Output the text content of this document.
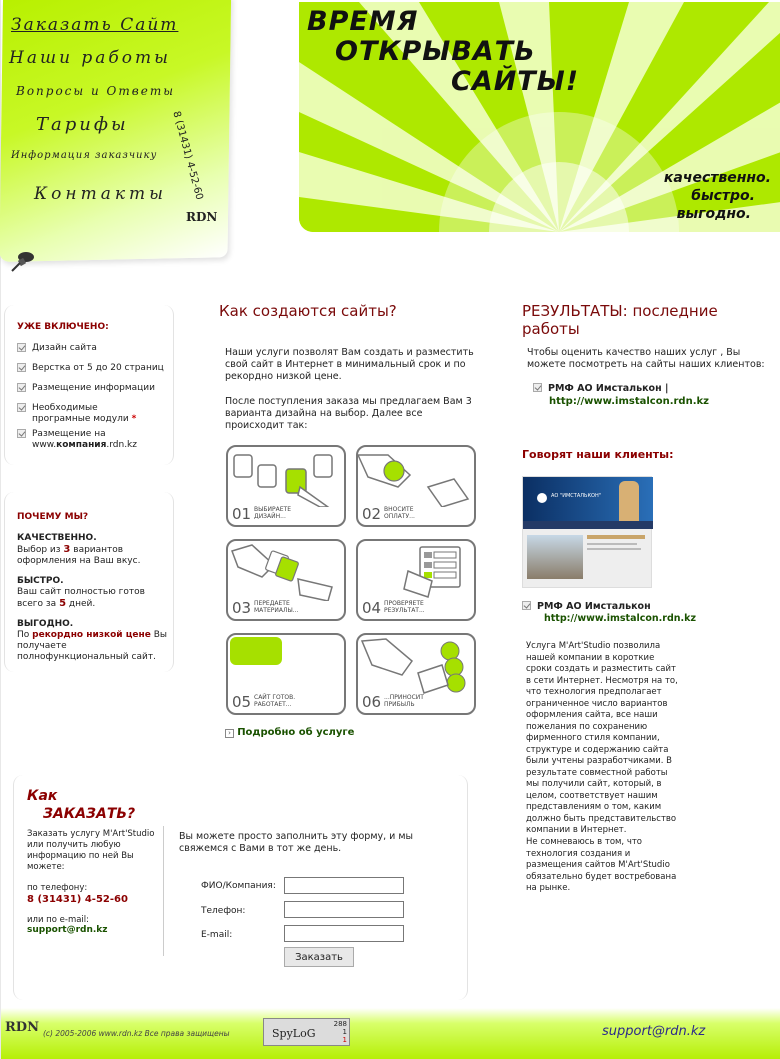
Заказать Сайт
Наши работы
Вопросы и Ответы
Тарифы
Информация заказчику
Контакты 8 (31431) 4-52-60
RDN
ВРЕМЯ
ОТКРЫВАТЬ
САЙТЫ!
качественно.
быстро.
выгодно.
УЖЕ ВКЛЮЧЕНО:
Дизайн сайта
Верстка от 5 до 20 страниц
Размещение информации
Необходимые програмные модули *
Размещение на
www.компания.rdn.kz
ПОЧЕМУ МЫ?
КАЧЕСТВЕННО.
Выбор из 3 вариантов оформления на Ваш вкус.
БЫСТРО.
Ваш сайт полностью готов всего за 5 дней.
ВЫГОДНО.
По рекордно низкой цене Вы получаете полнофункциональный сайт.
Как создаются сайты?

Наши услуги позволят Вам создать и разместить свой сайт в Интернет в минимальный срок и по рекордно низкой цене.

После поступления заказа мы предлагаем Вам 3 варианта дизайна на выбор. Далее все происходит так:

01 ВЫБИРАЕТЕ ДИЗАЙН...	02 ВНОСИТЕ ОПЛАТУ...
03 ПЕРЕДАЕТЕ МАТЕРИАЛЫ...	04 ПРОВЕРЯЕТЕ РЕЗУЛЬТАТ...
05 САЙТ ГОТОВ. РАБОТАЕТ...	06 ...ПРИНОСИТ ПРИБЫЛЬ
› Подробно об услуге
РЕЗУЛЬТАТЫ: последние работы

Чтобы оценить качество наших услуг , Вы можете посмотреть на сайты наших клиентов:

РМФ АО Имсталькон |
http://www.imstalcon.rdn.kz
Говорят наши клиенты:
АО "ИМСТАЛЬКОН"
РМФ АО Имсталькон
http://www.imstalcon.rdn.kz

Услуга M'Art'Studio позволила нашей компании в короткие сроки создать и разместить сайт в сети Интернет. Несмотря на то, что технология предполагает ограниченное число вариантов оформления сайта, все наши пожелания по сохранению фирменного стиля компании, структуре и содержанию сайта были учтены разработчиками. В результате совместной работы мы получили сайт, который, в целом, соответствует нашим представлениям о том, каким должно быть представительство компании в Интернет.

Не сомневаюсь в том, что технология создания и размещения сайтов M'Art'Studio обязательно будет востребована на рынке.

Как
ЗАКАЗАТЬ?

Заказать услугу M'Art'Studio или получить любую информацию по ней Вы можете:

по телефону:
8 (31431) 4-52-60
или по e-mail:
support@rdn.kz

Вы можете просто заполнить эту форму, и мы свяжемся с Вами в тот же день.

ФИО/Компания:
Телефон:
E-mail:
Заказать
RDN (c) 2005-2006 www.rdn.kz Все права защищены	SpyLoG
288
1
1
support@rdn.kz
